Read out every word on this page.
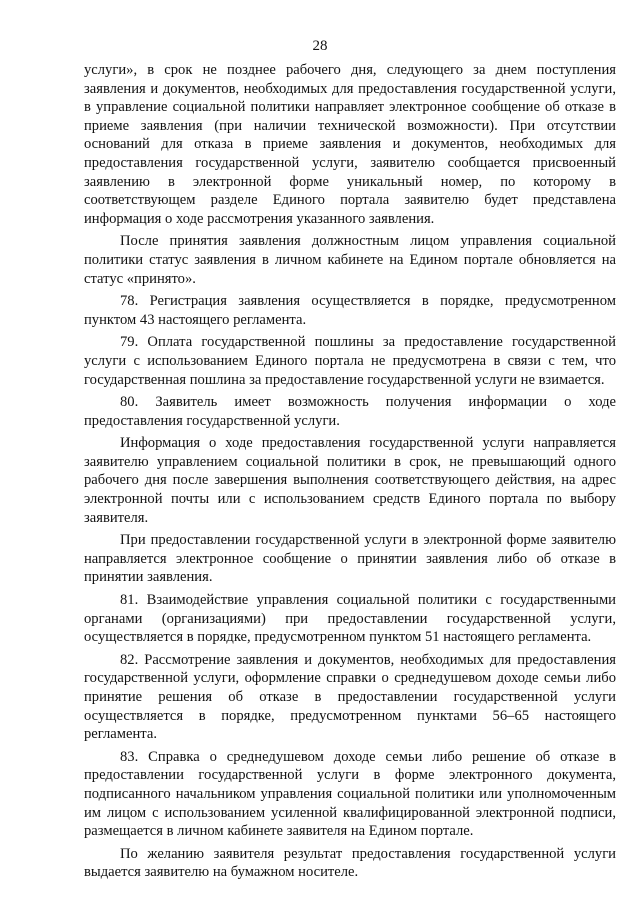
28

услуги», в срок не позднее рабочего дня, следующего за днем поступления заявления и документов, необходимых для предоставления государственной услуги, в управление социальной политики направляет электронное сообщение об отказе в приеме заявления (при наличии технической возможности). При отсутствии оснований для отказа в приеме заявления и документов, необходимых для предоставления государственной услуги, заявителю сообщается присвоенный заявлению в электронной форме уникальный номер, по которому в соответствующем разделе Единого портала заявителю будет представлена информация о ходе рассмотрения указанного заявления.

После принятия заявления должностным лицом управления социальной политики статус заявления в личном кабинете на Едином портале обновляется на статус «принято».

78. Регистрация заявления осуществляется в порядке, предусмотренном пунктом 43 настоящего регламента.

79. Оплата государственной пошлины за предоставление государственной услуги с использованием Единого портала не предусмотрена в связи с тем, что государственная пошлина за предоставление государственной услуги не взимается.

80. Заявитель имеет возможность получения информации о ходе предоставления государственной услуги.

Информация о ходе предоставления государственной услуги направляется заявителю управлением социальной политики в срок, не превышающий одного рабочего дня после завершения выполнения соответствующего действия, на адрес электронной почты или с использованием средств Единого портала по выбору заявителя.

При предоставлении государственной услуги в электронной форме заявителю направляется электронное сообщение о принятии заявления либо об отказе в принятии заявления.

81. Взаимодействие управления социальной политики с государственными органами (организациями) при предоставлении государственной услуги, осуществляется в порядке, предусмотренном пунктом 51 настоящего регламента.

82. Рассмотрение заявления и документов, необходимых для предоставления государственной услуги, оформление справки о среднедушевом доходе семьи либо принятие решения об отказе в предоставлении государственной услуги осуществляется в порядке, предусмотренном пунктами 56–65 настоящего регламента.

83. Справка о среднедушевом доходе семьи либо решение об отказе в предоставлении государственной услуги в форме электронного документа, подписанного начальником управления социальной политики или уполномоченным им лицом с использованием усиленной квалифицированной электронной подписи, размещается в личном кабинете заявителя на Едином портале.

По желанию заявителя результат предоставления государственной услуги выдается заявителю на бумажном носителе.
